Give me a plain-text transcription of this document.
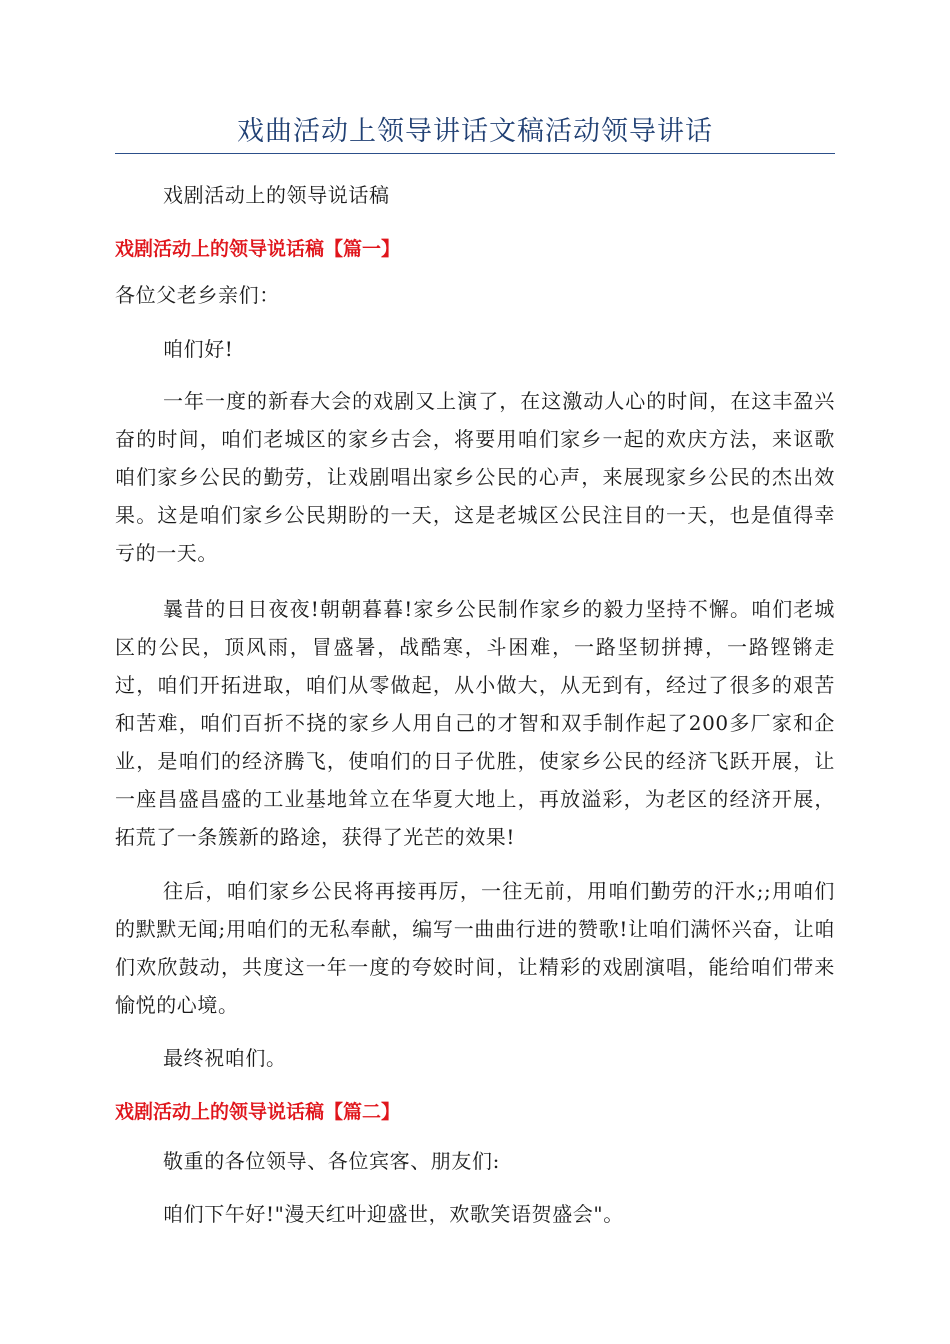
戏曲活动上领导讲话文稿活动领导讲话

戏剧活动上的领导说话稿

戏剧活动上的领导说话稿【篇一】

各位父老乡亲们：

咱们好!

一年一度的新春大会的戏剧又上演了，在这激动人心的时间，在这丰盈兴奋的时间，咱们老城区的家乡古会，将要用咱们家乡一起的欢庆方法，来讴歌咱们家乡公民的勤劳，让戏剧唱出家乡公民的心声，来展现家乡公民的杰出效果。这是咱们家乡公民期盼的一天，这是老城区公民注目的一天，也是值得幸亏的一天。

曩昔的日日夜夜!朝朝暮暮!家乡公民制作家乡的毅力坚持不懈。咱们老城区的公民，顶风雨，冒盛暑，战酷寒，斗困难，一路坚韧拼搏，一路铿锵走过，咱们开拓进取，咱们从零做起，从小做大，从无到有，经过了很多的艰苦和苦难，咱们百折不挠的家乡人用自己的才智和双手制作起了200多厂家和企业，是咱们的经济腾飞，使咱们的日子优胜，使家乡公民的经济飞跃开展，让一座昌盛昌盛的工业基地耸立在华夏大地上，再放溢彩，为老区的经济开展，拓荒了一条簇新的路途，获得了光芒的效果!

往后，咱们家乡公民将再接再厉，一往无前，用咱们勤劳的汗水;;用咱们的默默无闻;用咱们的无私奉献，编写一曲曲行进的赞歌!让咱们满怀兴奋，让咱们欢欣鼓动，共度这一年一度的夸姣时间，让精彩的戏剧演唱，能给咱们带来愉悦的心境。

最终祝咱们。

戏剧活动上的领导说话稿【篇二】

敬重的各位领导、各位宾客、朋友们:

咱们下午好!"漫天红叶迎盛世，欢歌笑语贺盛会"。
